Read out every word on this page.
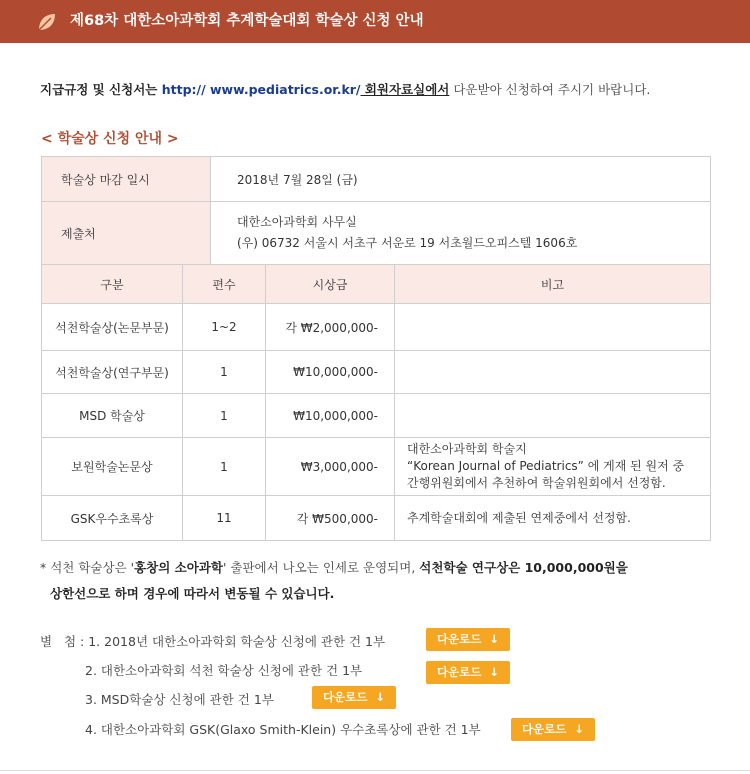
제68차 대한소아과학회 추계학술대회 학술상 신청 안내
지급규정 및 신청서는 http:// www.pediatrics.or.kr/ 회원자료실에서 다운받아 신청하여 주시기 바랍니다.
< 학술상 신청 안내 >
학술상 마감 일시	2018년 7월 28일 (금)
제출처	대한소아과학회 사무실
(우) 06732 서울시 서초구 서운로 19 서초월드오피스텔 1606호
구분	편수	시상금	비고
석천학술상(논문부문)	1~2	각 ₩2,000,000-	
석천학술상(연구부문)	1	₩10,000,000-	
MSD 학술상	1	₩10,000,000-	
보원학술논문상	1	₩3,000,000-	대한소아과학회 학술지
“Korean Journal of Pediatrics” 에 게재 된 원저 중
간행위원회에서 추천하여 학술위원회에서 선정함.
GSK우수초록상	11	각 ₩500,000-	추계학술대회에 제출된 연제중에서 선정함.
* 석천 학술상은 '홍창의 소아과학' 출판에서 나오는 인세로 운영되며, 석천학술 연구상은 10,000,000원을
상한선으로 하며 경우에 따라서 변동될 수 있습니다.
별   첨 : 1. 2018년 대한소아과학회 학술상 신청에 관한 건 1부	다운로드 ↓
2. 대한소아과학회 석천 학술상 신청에 관한 건 1부	다운로드 ↓
3. MSD학술상 신청에 관한 건 1부	다운로드 ↓
4. 대한소아과학회 GSK(Glaxo Smith-Klein) 우수초록상에 관한 건 1부	다운로드 ↓
